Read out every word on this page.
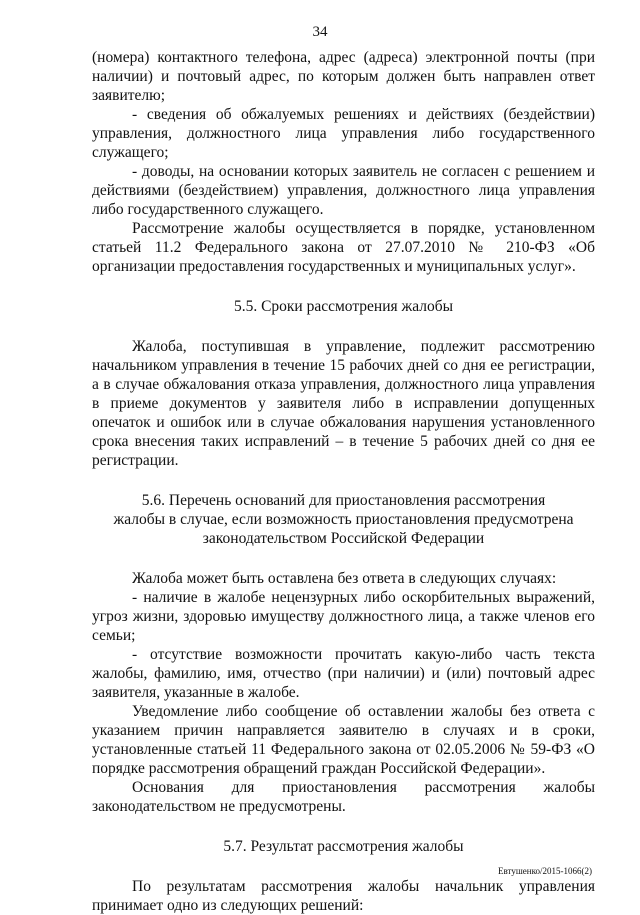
34

(номера) контактного телефона, адрес (адреса) электронной почты (при наличии) и почтовый адрес, по которым должен быть направлен ответ заявителю;

- сведения об обжалуемых решениях и действиях (бездействии) управления, должностного лица управления либо государственного служащего;

- доводы, на основании которых заявитель не согласен с решением и действиями (бездействием) управления, должностного лица управления либо государственного служащего.

Рассмотрение жалобы осуществляется в порядке, установленном статьей 11.2 Федерального закона от 27.07.2010 № 210-ФЗ «Об организации предоставления государственных и муниципальных услуг».

5.5. Сроки рассмотрения жалобы

Жалоба, поступившая в управление, подлежит рассмотрению начальником управления в течение 15 рабочих дней со дня ее регистрации, а в случае обжалования отказа управления, должностного лица управления в приеме документов у заявителя либо в исправлении допущенных опечаток и ошибок или в случае обжалования нарушения установленного срока внесения таких исправлений – в течение 5 рабочих дней со дня ее регистрации.

5.6. Перечень оснований для приостановления рассмотрения

жалобы в случае, если возможность приостановления предусмотрена

законодательством Российской Федерации

Жалоба может быть оставлена без ответа в следующих случаях:

- наличие в жалобе нецензурных либо оскорбительных выражений, угроз жизни, здоровью имуществу должностного лица, а также членов его семьи;

- отсутствие возможности прочитать какую-либо часть текста жалобы, фамилию, имя, отчество (при наличии) и (или) почтовый адрес заявителя, указанные в жалобе.

Уведомление либо сообщение об оставлении жалобы без ответа с указанием причин направляется заявителю в случаях и в сроки, установленные статьей 11 Федерального закона от 02.05.2006 № 59-ФЗ «О порядке рассмотрения обращений граждан Российской Федерации».

Основания для приостановления рассмотрения жалобы законодательством не предусмотрены.

5.7. Результат рассмотрения жалобы

По результатам рассмотрения жалобы начальник управления принимает одно из следующих решений:

Евтушенко/2015-1066(2)
